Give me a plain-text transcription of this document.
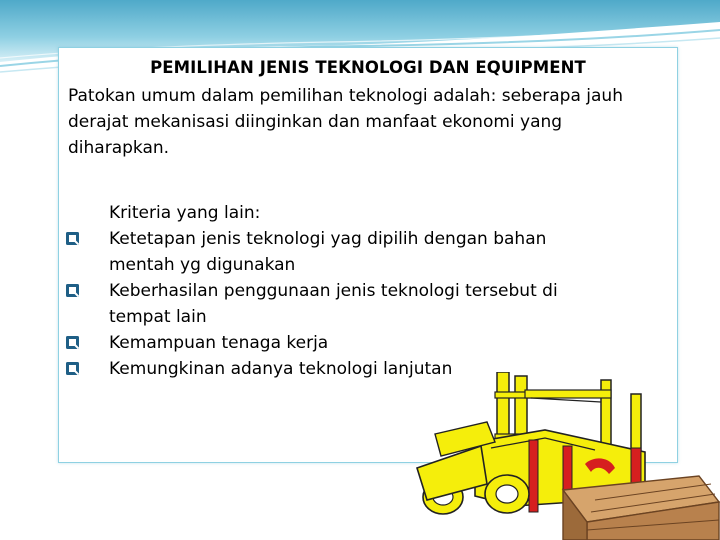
PEMILIHAN JENIS TEKNOLOGI DAN EQUIPMENT
Patokan umum dalam pemilihan teknologi adalah: seberapa jauh derajat mekanisasi diinginkan dan manfaat ekonomi yang diharapkan.
Kriteria yang lain:
Ketetapan jenis teknologi yag dipilih dengan bahan
mentah yg digunakan
Keberhasilan penggunaan jenis teknologi tersebut di
tempat lain
Kemampuan tenaga kerja
Kemungkinan adanya teknologi lanjutan
